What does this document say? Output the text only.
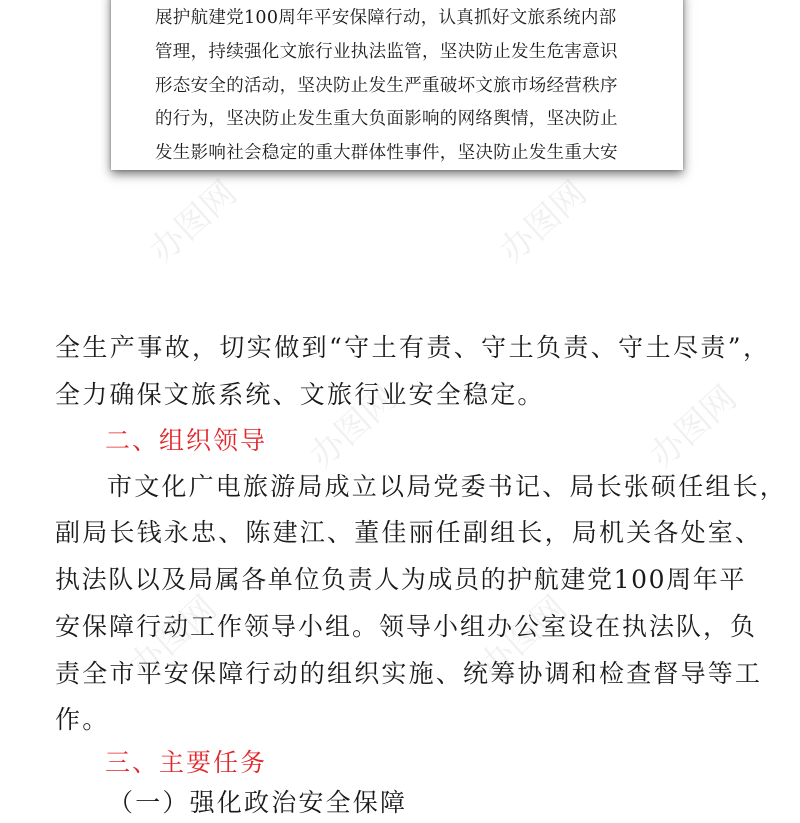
展护航建党100周年平安保障行动，认真抓好文旅系统内部
管理，持续强化文旅行业执法监管，坚决防止发生危害意识
形态安全的活动，坚决防止发生严重破坏文旅市场经营秩序
的行为，坚决防止发生重大负面影响的网络舆情，坚决防止
发生影响社会稳定的重大群体性事件，坚决防止发生重大安
办图网	办图网
办图网	办图网
办图网	办图网
全生产事故，切实做到“守土有责、守土负责、守土尽责”，
全力确保文旅系统、文旅行业安全稳定。
二、组织领导
市文化广电旅游局成立以局党委书记、局长张硕任组长，
副局长钱永忠、陈建江、董佳丽任副组长，局机关各处室、
执法队以及局属各单位负责人为成员的护航建党100周年平
安保障行动工作领导小组。领导小组办公室设在执法队，负
责全市平安保障行动的组织实施、统筹协调和检查督导等工
作。
三、主要任务
（一）强化政治安全保障
